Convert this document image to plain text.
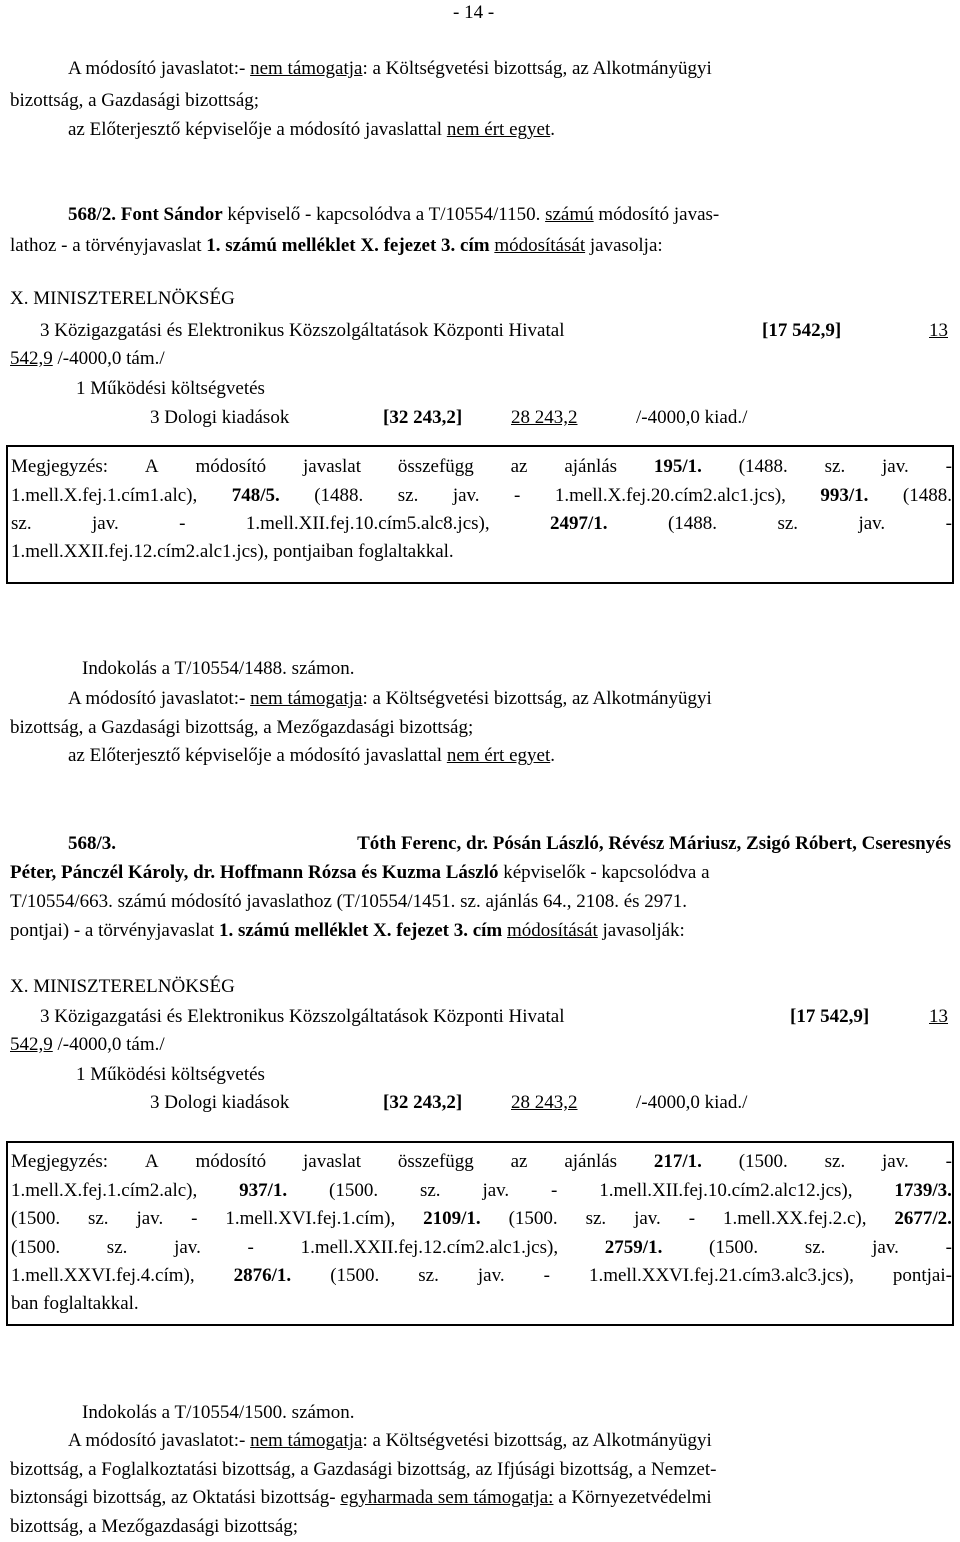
- 14 -
A módosító javaslatot:- nem támogatja: a Költségvetési bizottság, az Alkotmányügyi
bizottság, a Gazdasági bizottság;
az Előterjesztő képviselője a módosító javaslattal nem ért egyet.
568/2. Font Sándor képviselő - kapcsolódva a T/10554/1150. számú módosító javas-
lathoz - a törvényjavaslat 1. számú melléklet X. fejezet 3. cím módosítását javasolja:
X. MINISZTERELNÖKSÉG
3 Közigazgatási és Elektronikus Közszolgáltatások Központi Hivatal	[17 542,9]	13
542,9 /-4000,0 tám./
1 Működési költségvetés
3 Dologi kiadások	[32 243,2]	28 243,2	/-4000,0 kiad./
Megjegyzés: A módosító javaslat összefügg az ajánlás 195/1. (1488. sz. jav. -
1.mell.X.fej.1.cím1.alc), 748/5. (1488. sz. jav. - 1.mell.X.fej.20.cím2.alc1.jcs), 993/1. (1488.
sz.	jav.	-	1.mell.XII.fej.10.cím5.alc8.jcs),	2497/1.	(1488.	sz.	jav.	-
1.mell.XXII.fej.12.cím2.alc1.jcs), pontjaiban foglaltakkal.
Indokolás a T/10554/1488. számon.
A módosító javaslatot:- nem támogatja: a Költségvetési bizottság, az Alkotmányügyi
bizottság, a Gazdasági bizottság, a Mezőgazdasági bizottság;
az Előterjesztő képviselője a módosító javaslattal nem ért egyet.
568/3.	Tóth Ferenc, dr. Pósán László, Révész Máriusz, Zsigó Róbert, Cseresnyés
Péter, Pánczél Károly, dr. Hoffmann Rózsa és Kuzma László képviselők - kapcsolódva a
T/10554/663. számú módosító javaslathoz (T/10554/1451. sz. ajánlás 64., 2108. és 2971.
pontjai) - a törvényjavaslat 1. számú melléklet X. fejezet 3. cím módosítását javasolják:
X. MINISZTERELNÖKSÉG
3 Közigazgatási és Elektronikus Közszolgáltatások Központi Hivatal	[17 542,9]	13
542,9 /-4000,0 tám./
1 Működési költségvetés
3 Dologi kiadások	[32 243,2]	28 243,2	/-4000,0 kiad./
Megjegyzés: A módosító javaslat összefügg az ajánlás 217/1. (1500. sz. jav. -
1.mell.X.fej.1.cím2.alc), 937/1. (1500. sz. jav. - 1.mell.XII.fej.10.cím2.alc12.jcs), 1739/3.
(1500. sz. jav. - 1.mell.XVI.fej.1.cím), 2109/1. (1500. sz. jav. - 1.mell.XX.fej.2.c), 2677/2.
(1500. sz. jav. - 1.mell.XXII.fej.12.cím2.alc1.jcs), 2759/1. (1500. sz. jav. -
1.mell.XXVI.fej.4.cím), 2876/1. (1500. sz. jav. - 1.mell.XXVI.fej.21.cím3.alc3.jcs), pontjai-
ban foglaltakkal.
Indokolás a T/10554/1500. számon.
A módosító javaslatot:- nem támogatja: a Költségvetési bizottság, az Alkotmányügyi
bizottság, a Foglalkoztatási bizottság, a Gazdasági bizottság, az Ifjúsági bizottság, a Nemzet-
biztonsági bizottság, az Oktatási bizottság- egyharmada sem támogatja: a Környezetvédelmi
bizottság, a Mezőgazdasági bizottság;
